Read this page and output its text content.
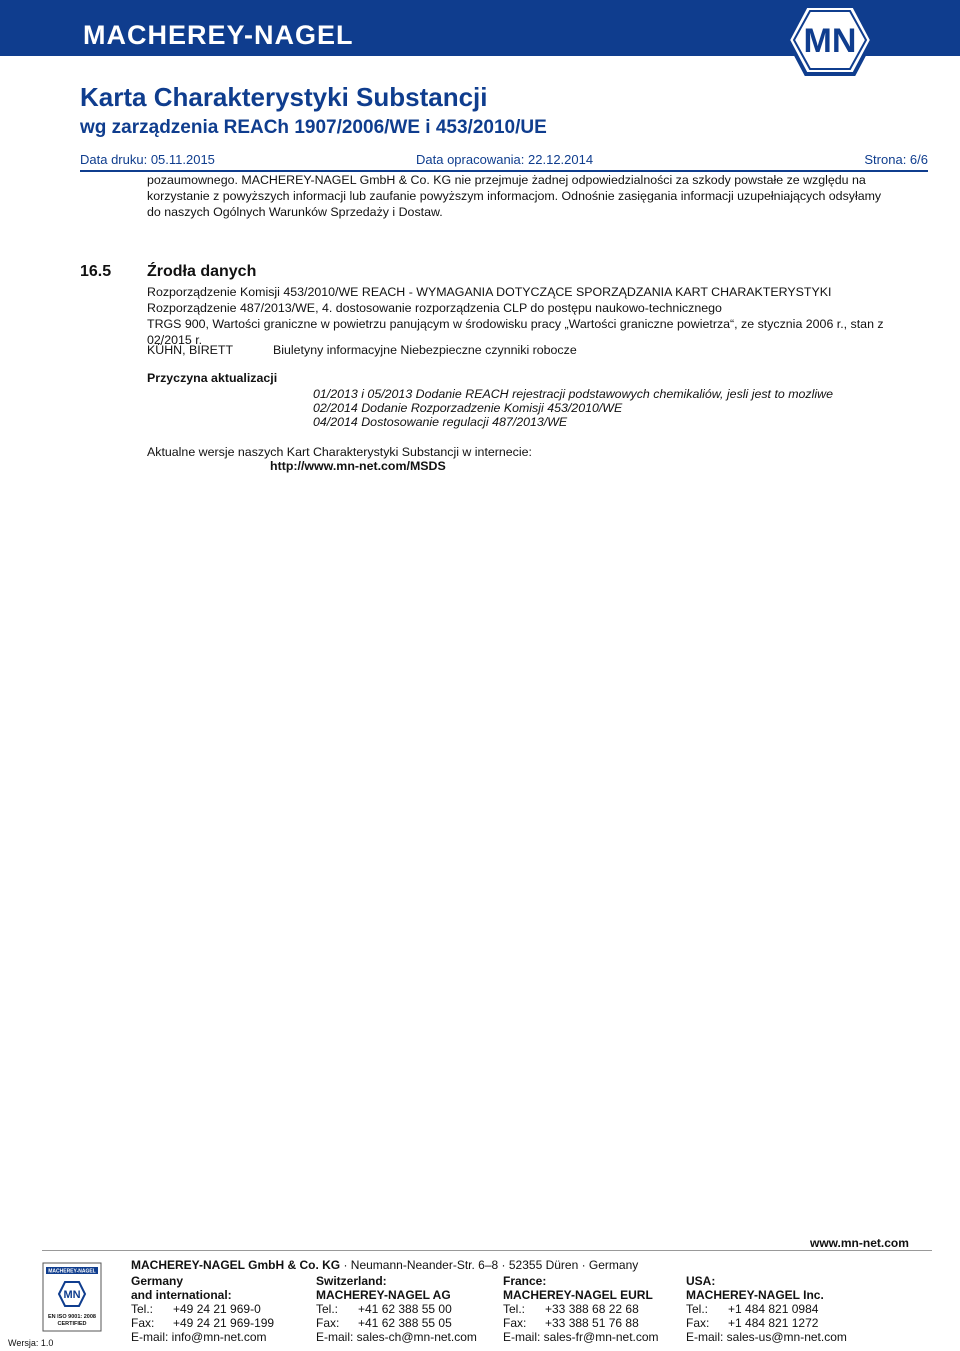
MACHEREY-NAGEL	MN
Karta Charakterystyki Substancji
wg zarządzenia REACh 1907/2006/WE i 453/2010/UE
Data druku: 05.11.2015	Data opracowania: 22.12.2014	Strona: 6/6
pozaumownego. MACHEREY-NAGEL GmbH & Co. KG nie przejmuje żadnej odpowiedzialności za szkody powstałe ze względu na
korzystanie z powyższych informacji lub zaufanie powyższym informacjom. Odnośnie zasięgania informacji uzupełniających odsyłamy
do naszych Ogólnych Warunków Sprzedaży i Dostaw.
16.5 Źrodła danych
Rozporządzenie Komisji 453/2010/WE REACH - WYMAGANIA DOTYCZĄCE SPORZĄDZANIA KART CHARAKTERYSTYKI
Rozporządzenie 487/2013/WE, 4. dostosowanie rozporządzenia CLP do postępu naukowo-technicznego
TRGS 900, Wartości graniczne w powietrzu panującym w środowisku pracy „Wartości graniczne powietrza“, ze stycznia 2006 r., stan z
02/2015 r.
KÜHN, BIRETT	Biuletyny informacyjne Niebezpieczne czynniki robocze
Przyczyna aktualizacji
01/2013 i 05/2013 Dodanie REACH rejestracji podstawowych chemikaliów, jesli jest to mozliwe
02/2014 Dodanie Rozporzadzenie Komisji 453/2010/WE
04/2014 Dostosowanie regulacji 487/2013/WE
Aktualne wersje naszych Kart Charakterystyki Substancji w internecie:
http://www.mn-net.com/MSDS
www.mn-net.com
MACHEREY-NAGEL
MN
EN ISO 9001: 2008
CERTIFIED
Wersja: 1.0
MACHEREY-NAGEL GmbH & Co. KG · Neumann-Neander-Str. 6–8 · 52355 Düren · Germany
Germany
and international:
Tel.: +49 24 21 969-0
Fax: +49 24 21 969-199
E-mail: info@mn-net.com
Switzerland:
MACHEREY-NAGEL AG
Tel.: +41 62 388 55 00
Fax: +41 62 388 55 05
E-mail: sales-ch@mn-net.com
France:
MACHEREY-NAGEL EURL
Tel.: +33 388 68 22 68
Fax: +33 388 51 76 88
E-mail: sales-fr@mn-net.com
USA:
MACHEREY-NAGEL Inc.
Tel.: +1 484 821 0984
Fax: +1 484 821 1272
E-mail: sales-us@mn-net.com
